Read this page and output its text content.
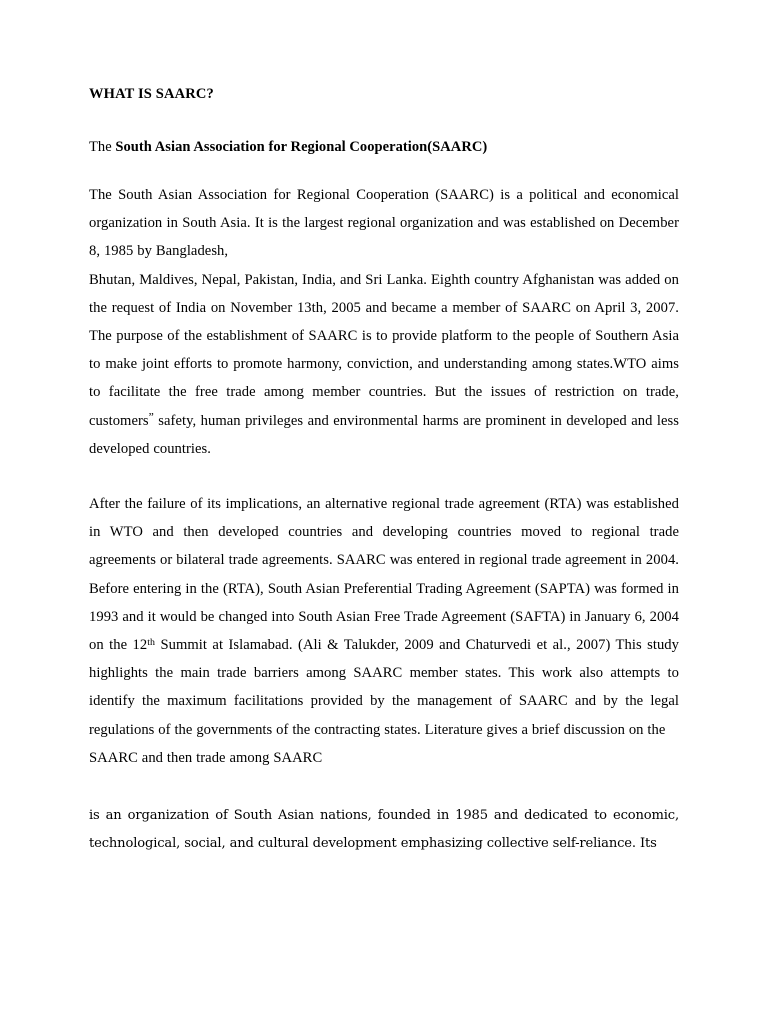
WHAT IS SAARC?
The South Asian Association for Regional Cooperation(SAARC)

The South Asian Association for Regional Cooperation (SAARC) is a political and economical organization in South Asia. It is the largest regional organization and was established on December 8, 1985 by Bangladesh,
Bhutan, Maldives, Nepal, Pakistan, India, and Sri Lanka. Eighth country Afghanistan was added on the request of India on November 13th, 2005 and became a member of SAARC on April 3, 2007. The purpose of the establishment of SAARC is to provide platform to the people of Southern Asia to make joint efforts to promote harmony, conviction, and understanding among states.WTO aims to facilitate the free trade among member countries. But the issues of restriction on trade, customers” safety, human privileges and environmental harms are prominent in developed and less developed countries.

After the failure of its implications, an alternative regional trade agreement (RTA) was established in WTO and then developed countries and developing countries moved to regional trade agreements or bilateral trade agreements. SAARC was entered in regional trade agreement in 2004. Before entering in the (RTA), South Asian Preferential Trading Agreement (SAPTA) was formed in 1993 and it would be changed into South Asian Free Trade Agreement (SAFTA) in January 6, 2004 on the 12th Summit at Islamabad. (Ali & Talukder, 2009 and Chaturvedi et al., 2007) This study highlights the main trade barriers among SAARC member states. This work also attempts to identify the maximum facilitations provided by the management of SAARC and by the legal regulations of the governments of the contracting states. Literature gives a brief discussion on the
SAARC and then trade among SAARC

is an organization of South Asian nations, founded in 1985 and dedicated to economic, technological, social, and cultural development emphasizing collective self-reliance. Its
